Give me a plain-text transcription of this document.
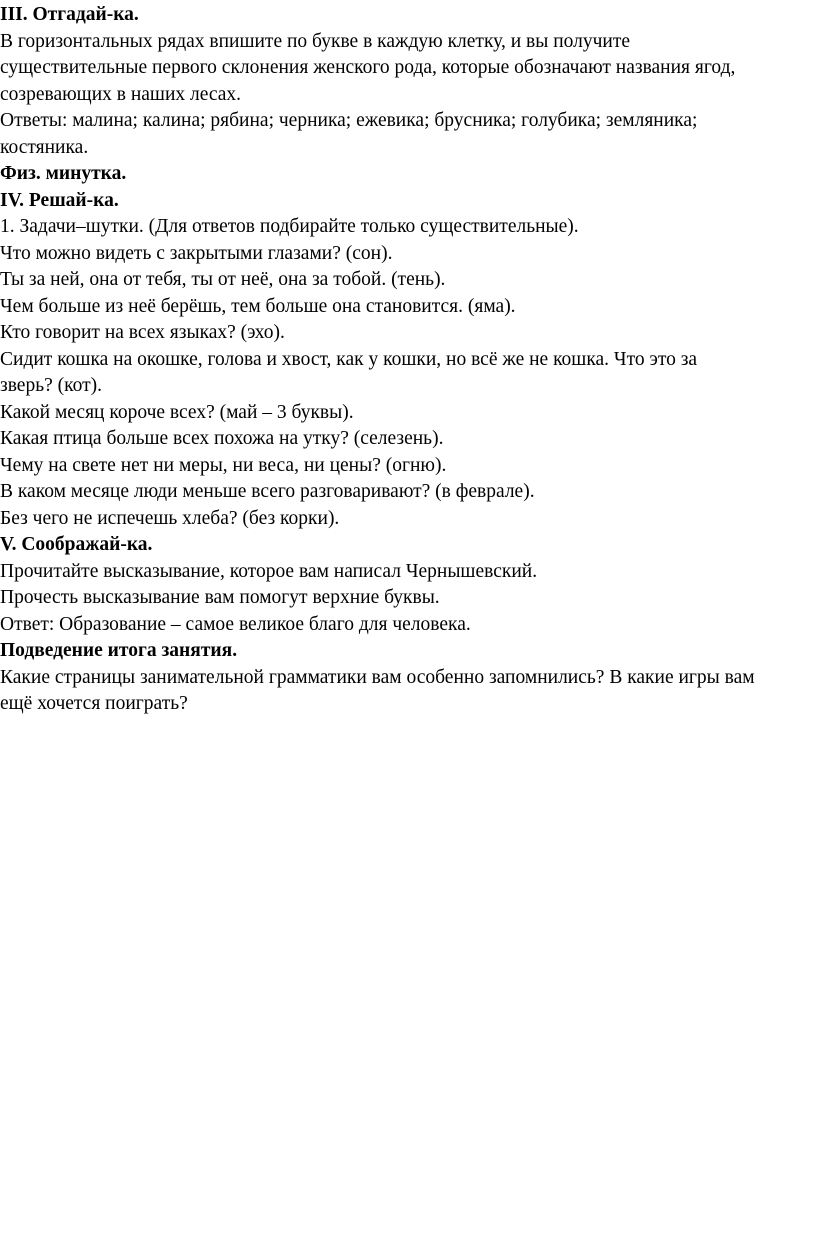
III. Отгадай-ка.
В горизонтальных рядах впишите по букве в каждую клетку, и вы получите
существительные первого склонения женского рода, которые обозначают названия ягод,
созревающих в наших лесах.
Ответы: малина; калина; рябина; черника; ежевика; брусника; голубика; земляника;
костяника.
Физ. минутка.
IV. Решай-ка.
1. Задачи–шутки. (Для ответов подбирайте только существительные).
Что можно видеть с закрытыми глазами? (сон).
Ты за ней, она от тебя, ты от неё, она за тобой. (тень).
Чем больше из неё берёшь, тем больше она становится. (яма).
Кто говорит на всех языках? (эхо).
Сидит кошка на окошке, голова и хвост, как у кошки, но всё же не кошка. Что это за
зверь? (кот).
Какой месяц короче всех? (май – 3 буквы).
Какая птица больше всех похожа на утку? (селезень).
Чему на свете нет ни меры, ни веса, ни цены? (огню).
В каком месяце люди меньше всего разговаривают? (в феврале).
Без чего не испечешь хлеба? (без корки).
V. Соображай-ка.
Прочитайте высказывание, которое вам написал Чернышевский.
Прочесть высказывание вам помогут верхние буквы.
Ответ: Образование – самое великое благо для человека.
Подведение итога занятия.
Какие страницы занимательной грамматики вам особенно запомнились? В какие игры вам
ещё хочется поиграть?
